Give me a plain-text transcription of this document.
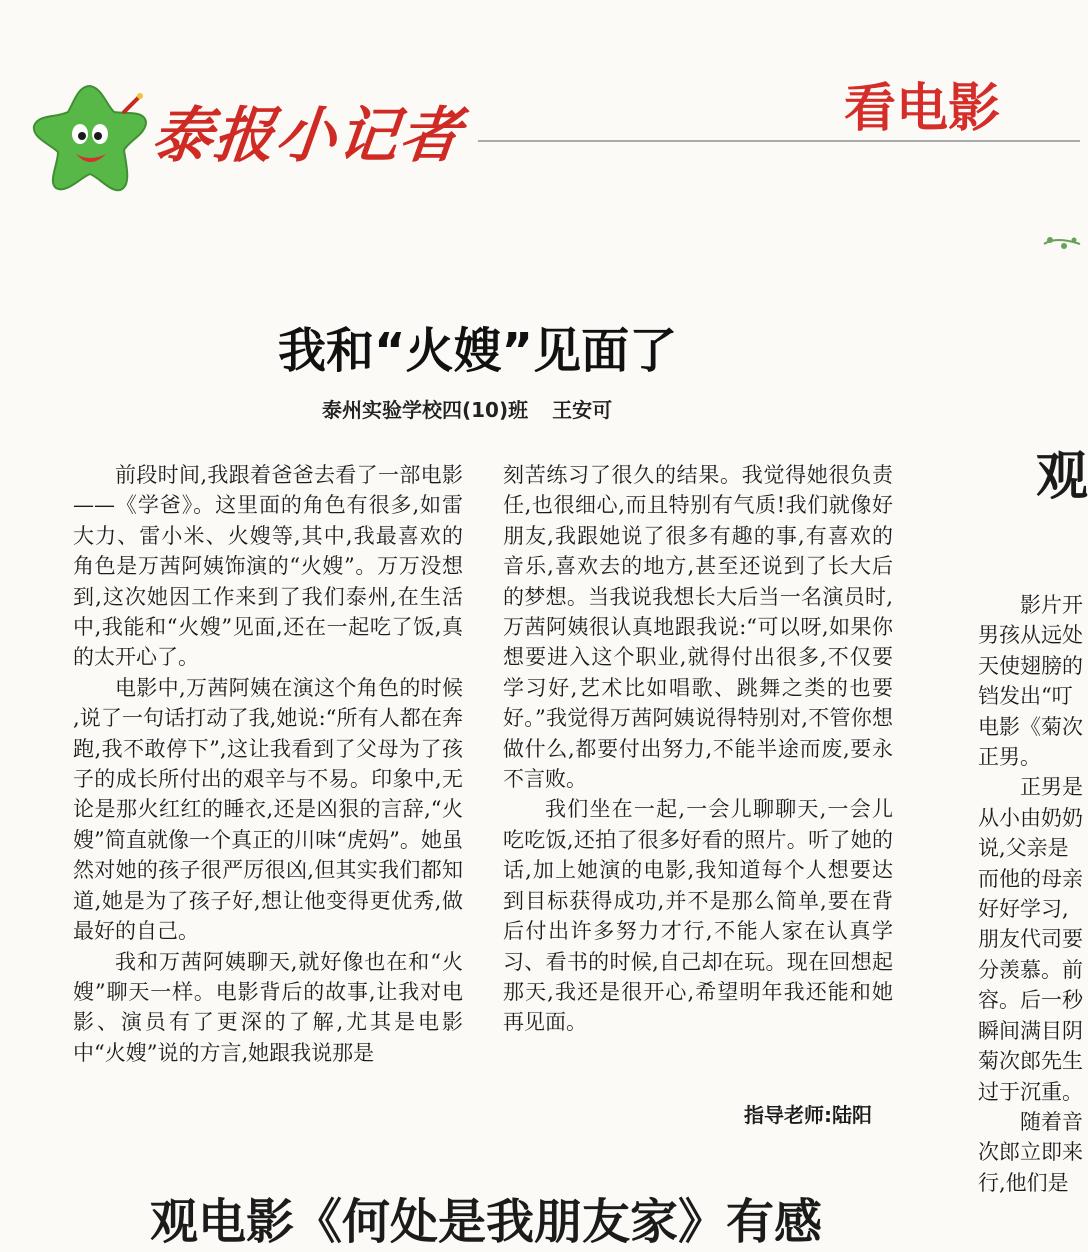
泰报小记者	看电影
我和“火嫂”见面了
泰州实验学校四(10)班 王安可

前段时间,我跟着爸爸去看了一部电影——《学爸》。这里面的角色有很多,如雷大力、雷小米、火嫂等,其中,我最喜欢的角色是万茜阿姨饰演的“火嫂”。万万没想到,这次她因工作来到了我们泰州,在生活中,我能和“火嫂”见面,还在一起吃了饭,真的太开心了。

电影中,万茜阿姨在演这个角色的时候 ,说了一句话打动了我,她说:“所有人都在奔跑,我不敢停下”,这让我看到了父母为了孩子的成长所付出的艰辛与不易。印象中,无论是那火红红的睡衣,还是凶狠的言辞,“火嫂”简直就像一个真正的川味“虎妈”。她虽然对她的孩子很严厉很凶,但其实我们都知道,她是为了孩子好,想让他变得更优秀,做最好的自己。

我和万茜阿姨聊天,就好像也在和“火嫂”聊天一样。电影背后的故事,让我对电影、演员有了更深的了解,尤其是电影中“火嫂”说的方言,她跟我说那是

刻苦练习了很久的结果。我觉得她很负责任,也很细心,而且特别有气质!我们就像好朋友,我跟她说了很多有趣的事,有喜欢的音乐,喜欢去的地方,甚至还说到了长大后的梦想。当我说我想长大后当一名演员时,万茜阿姨很认真地跟我说:“可以呀,如果你想要进入这个职业,就得付出很多,不仅要学习好,艺术比如唱歌、跳舞之类的也要好。”我觉得万茜阿姨说得特别对,不管你想做什么,都要付出努力,不能半途而废,要永不言败。

我们坐在一起,一会儿聊聊天,一会儿吃吃饭,还拍了很多好看的照片。听了她的话,加上她演的电影,我知道每个人想要达到目标获得成功,并不是那么简单,要在背后付出许多努力才行,不能人家在认真学习、看书的时候,自己却在玩。现在回想起那天,我还是很开心,希望明年我还能和她再见面。

指导老师:陆阳
观
影片开
男孩从远处
天使翅膀的
铛发出“叮
电影《菊次
正男。
正男是
从小由奶奶
说,父亲是
而他的母亲
好好学习,
朋友代司要
分羡慕。前
容。后一秒
瞬间满目阴
菊次郎先生
过于沉重。
随着音
次郎立即来
行,他们是
观电影《何处是我朋友家》有感
